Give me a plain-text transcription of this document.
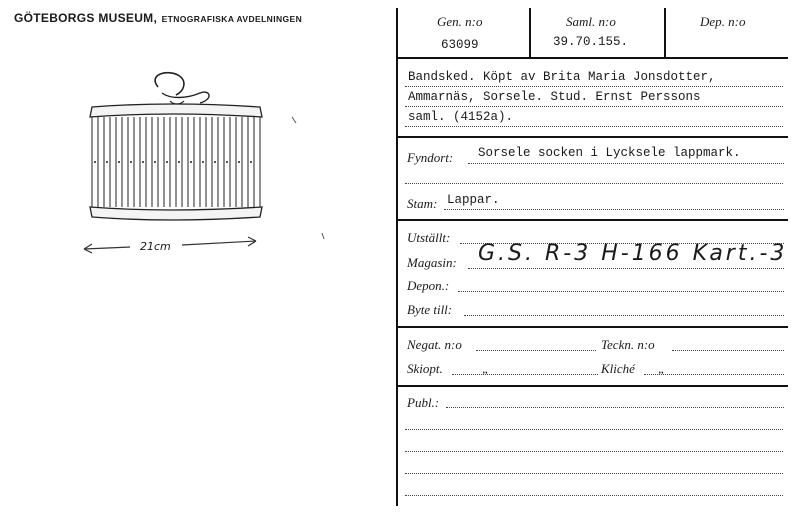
GÖTEBORGS MUSEUM, ETNOGRAFISKA AVDELNINGEN
21cm
Gen. n:o
63099
Saml. n:o
39.70.155.
Dep. n:o
Bandsked. Köpt av Brita Maria Jonsdotter,
Ammarnäs, Sorsele. Stud. Ernst Perssons
saml. (4152a).
Fyndort: Sorsele socken i Lycksele lappmark.
Stam: Lappar.
Utställt:
Magasin: G.S. R-3 H-166 Kart.-3
Depon.:
Byte till:
Negat. n:o	Teckn. n:o
Skiopt.	„	Kliché „
Publ.:
